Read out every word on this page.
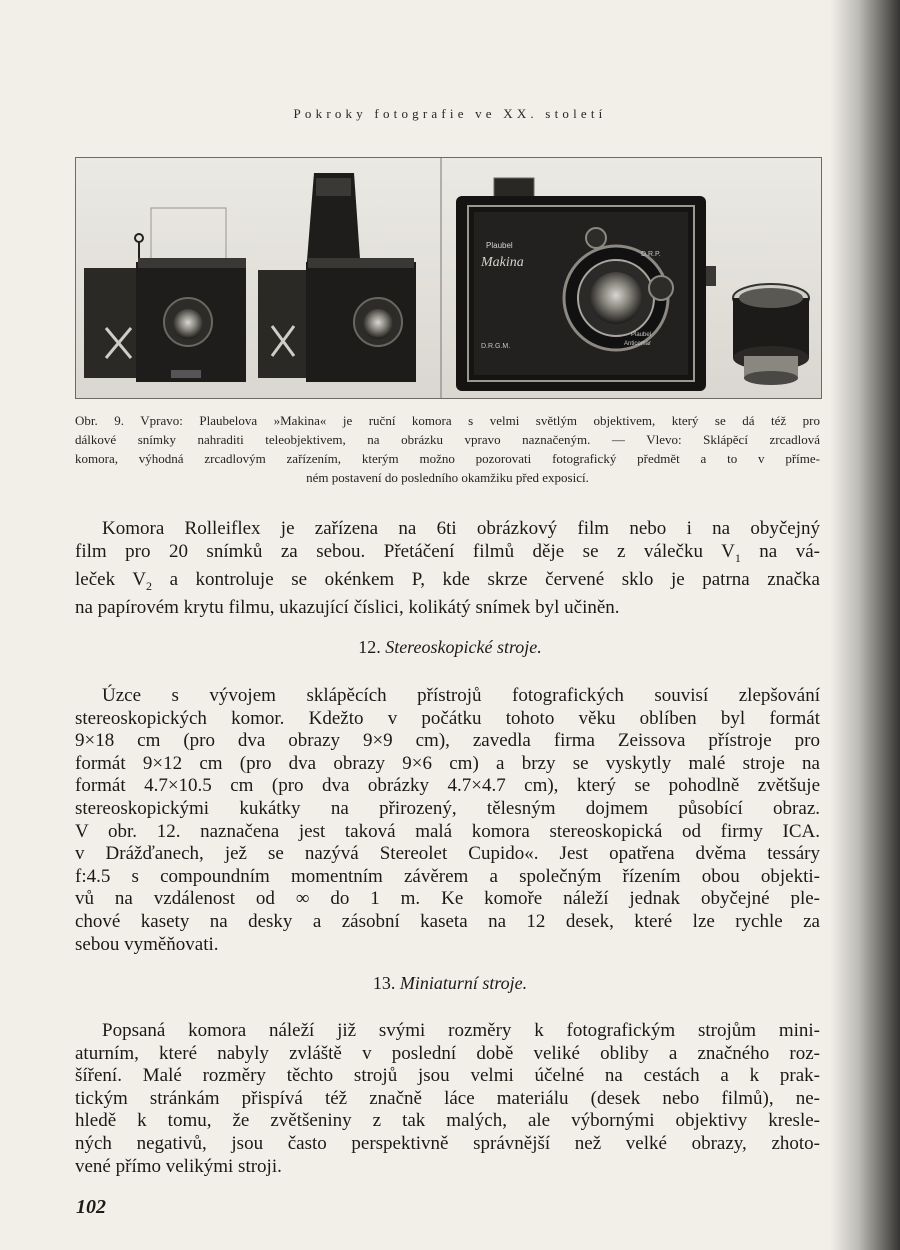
Pokroky fotografie ve XX. století
Plaubel
Makina
D.R.G.M.
D.R.P.
Plaubel
Anticomar
Obr. 9. Vpravo: Plaubelova »Makina« je ruční komora s velmi světlým objektivem, který se dá též pro
dálkové snímky nahraditi teleobjektivem, na obrázku vpravo naznačeným. — Vlevo: Sklápěcí zrcadlová
komora, výhodná zrcadlovým zařízením, kterým možno pozorovati fotografický předmět a to v příme-
ném postavení do posledního okamžiku před exposicí.
Komora Rolleiflex je zařízena na 6ti obrázkový film nebo i na obyčejný
film pro 20 snímků za sebou. Přetáčení filmů děje se z válečku $V_1$ na vá-
leček $V_2$ a kontroluje se okénkem P, kde skrze červené sklo je patrna značka
na papírovém krytu filmu, ukazující číslici, kolikátý snímek byl učiněn.
12. Stereoskopické stroje.
Úzce s vývojem sklápěcích přístrojů fotografických souvisí zlepšování
stereoskopických komor. Kdežto v počátku tohoto věku oblíben byl formát
9×18 cm (pro dva obrazy 9×9 cm), zavedla firma Zeissova přístroje pro
formát 9×12 cm (pro dva obrazy 9×6 cm) a brzy se vyskytly malé stroje na
formát 4.7×10.5 cm (pro dva obrázky 4.7×4.7 cm), který se pohodlně zvětšuje
stereoskopickými kukátky na přirozený, tělesným dojmem působící obraz.
V obr. 12. naznačena jest taková malá komora stereoskopická od firmy ICA.
v Drážďanech, jež se nazývá Stereolet Cupido«. Jest opatřena dvěma tessáry
f:4.5 s compoundním momentním závěrem a společným řízením obou objekti-
vů na vzdálenost od ∞ do 1 m. Ke komoře náleží jednak obyčejné ple-
chové kasety na desky a zásobní kaseta na 12 desek, které lze rychle za
sebou vyměňovati.
13. Miniaturní stroje.
Popsaná komora náleží již svými rozměry k fotografickým strojům mini-
aturním, které nabyly zvláště v poslední době veliké obliby a značného roz-
šíření. Malé rozměry těchto strojů jsou velmi účelné na cestách a k prak-
tickým stránkám přispívá též značně láce materiálu (desek nebo filmů), ne-
hledě k tomu, že zvětšeniny z tak malých, ale výbornými objektivy kresle-
ných negativů, jsou často perspektivně správnější než velké obrazy, zhoto-
vené přímo velikými stroji.
102
